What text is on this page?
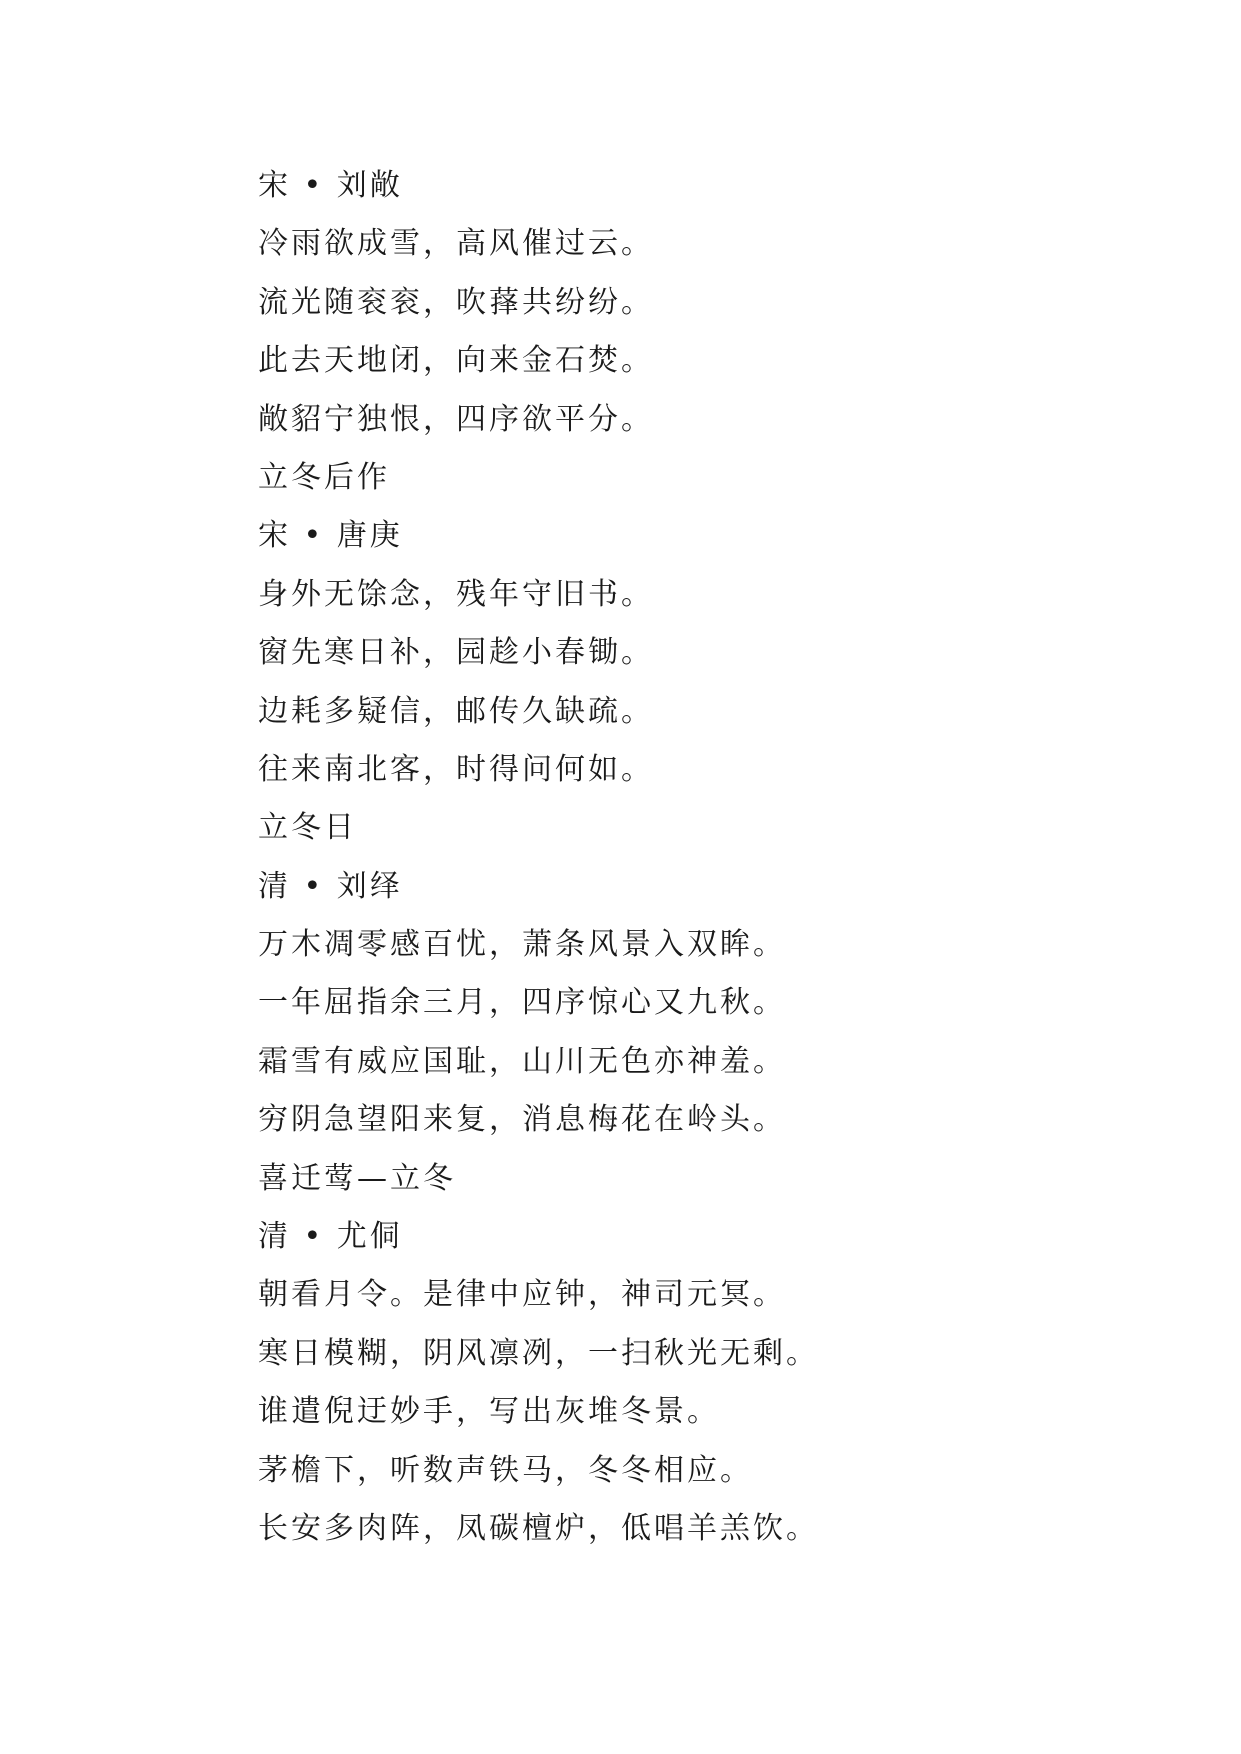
宋 • 刘敞
冷雨欲成雪，高风催过云。
流光随衮衮，吹萚共纷纷。
此去天地闭，向来金石焚。
敞貂宁独恨，四序欲平分。
立冬后作
宋 • 唐庚
身外无馀念，残年守旧书。
窗先寒日补，园趁小春锄。
边耗多疑信，邮传久缺疏。
往来南北客，时得问何如。
立冬日
清 • 刘绎
万木凋零感百忧，萧条风景入双眸。
一年屈指余三月，四序惊心又九秋。
霜雪有威应国耻，山川无色亦神羞。
穷阴急望阳来复，消息梅花在岭头。
喜迁莺—立冬
清 • 尤侗
朝看月令。是律中应钟，神司元冥。
寒日模糊，阴风凛冽，一扫秋光无剩。
谁遣倪迂妙手，写出灰堆冬景。
茅檐下，听数声铁马，冬冬相应。
长安多肉阵，凤碳檀炉，低唱羊羔饮。
